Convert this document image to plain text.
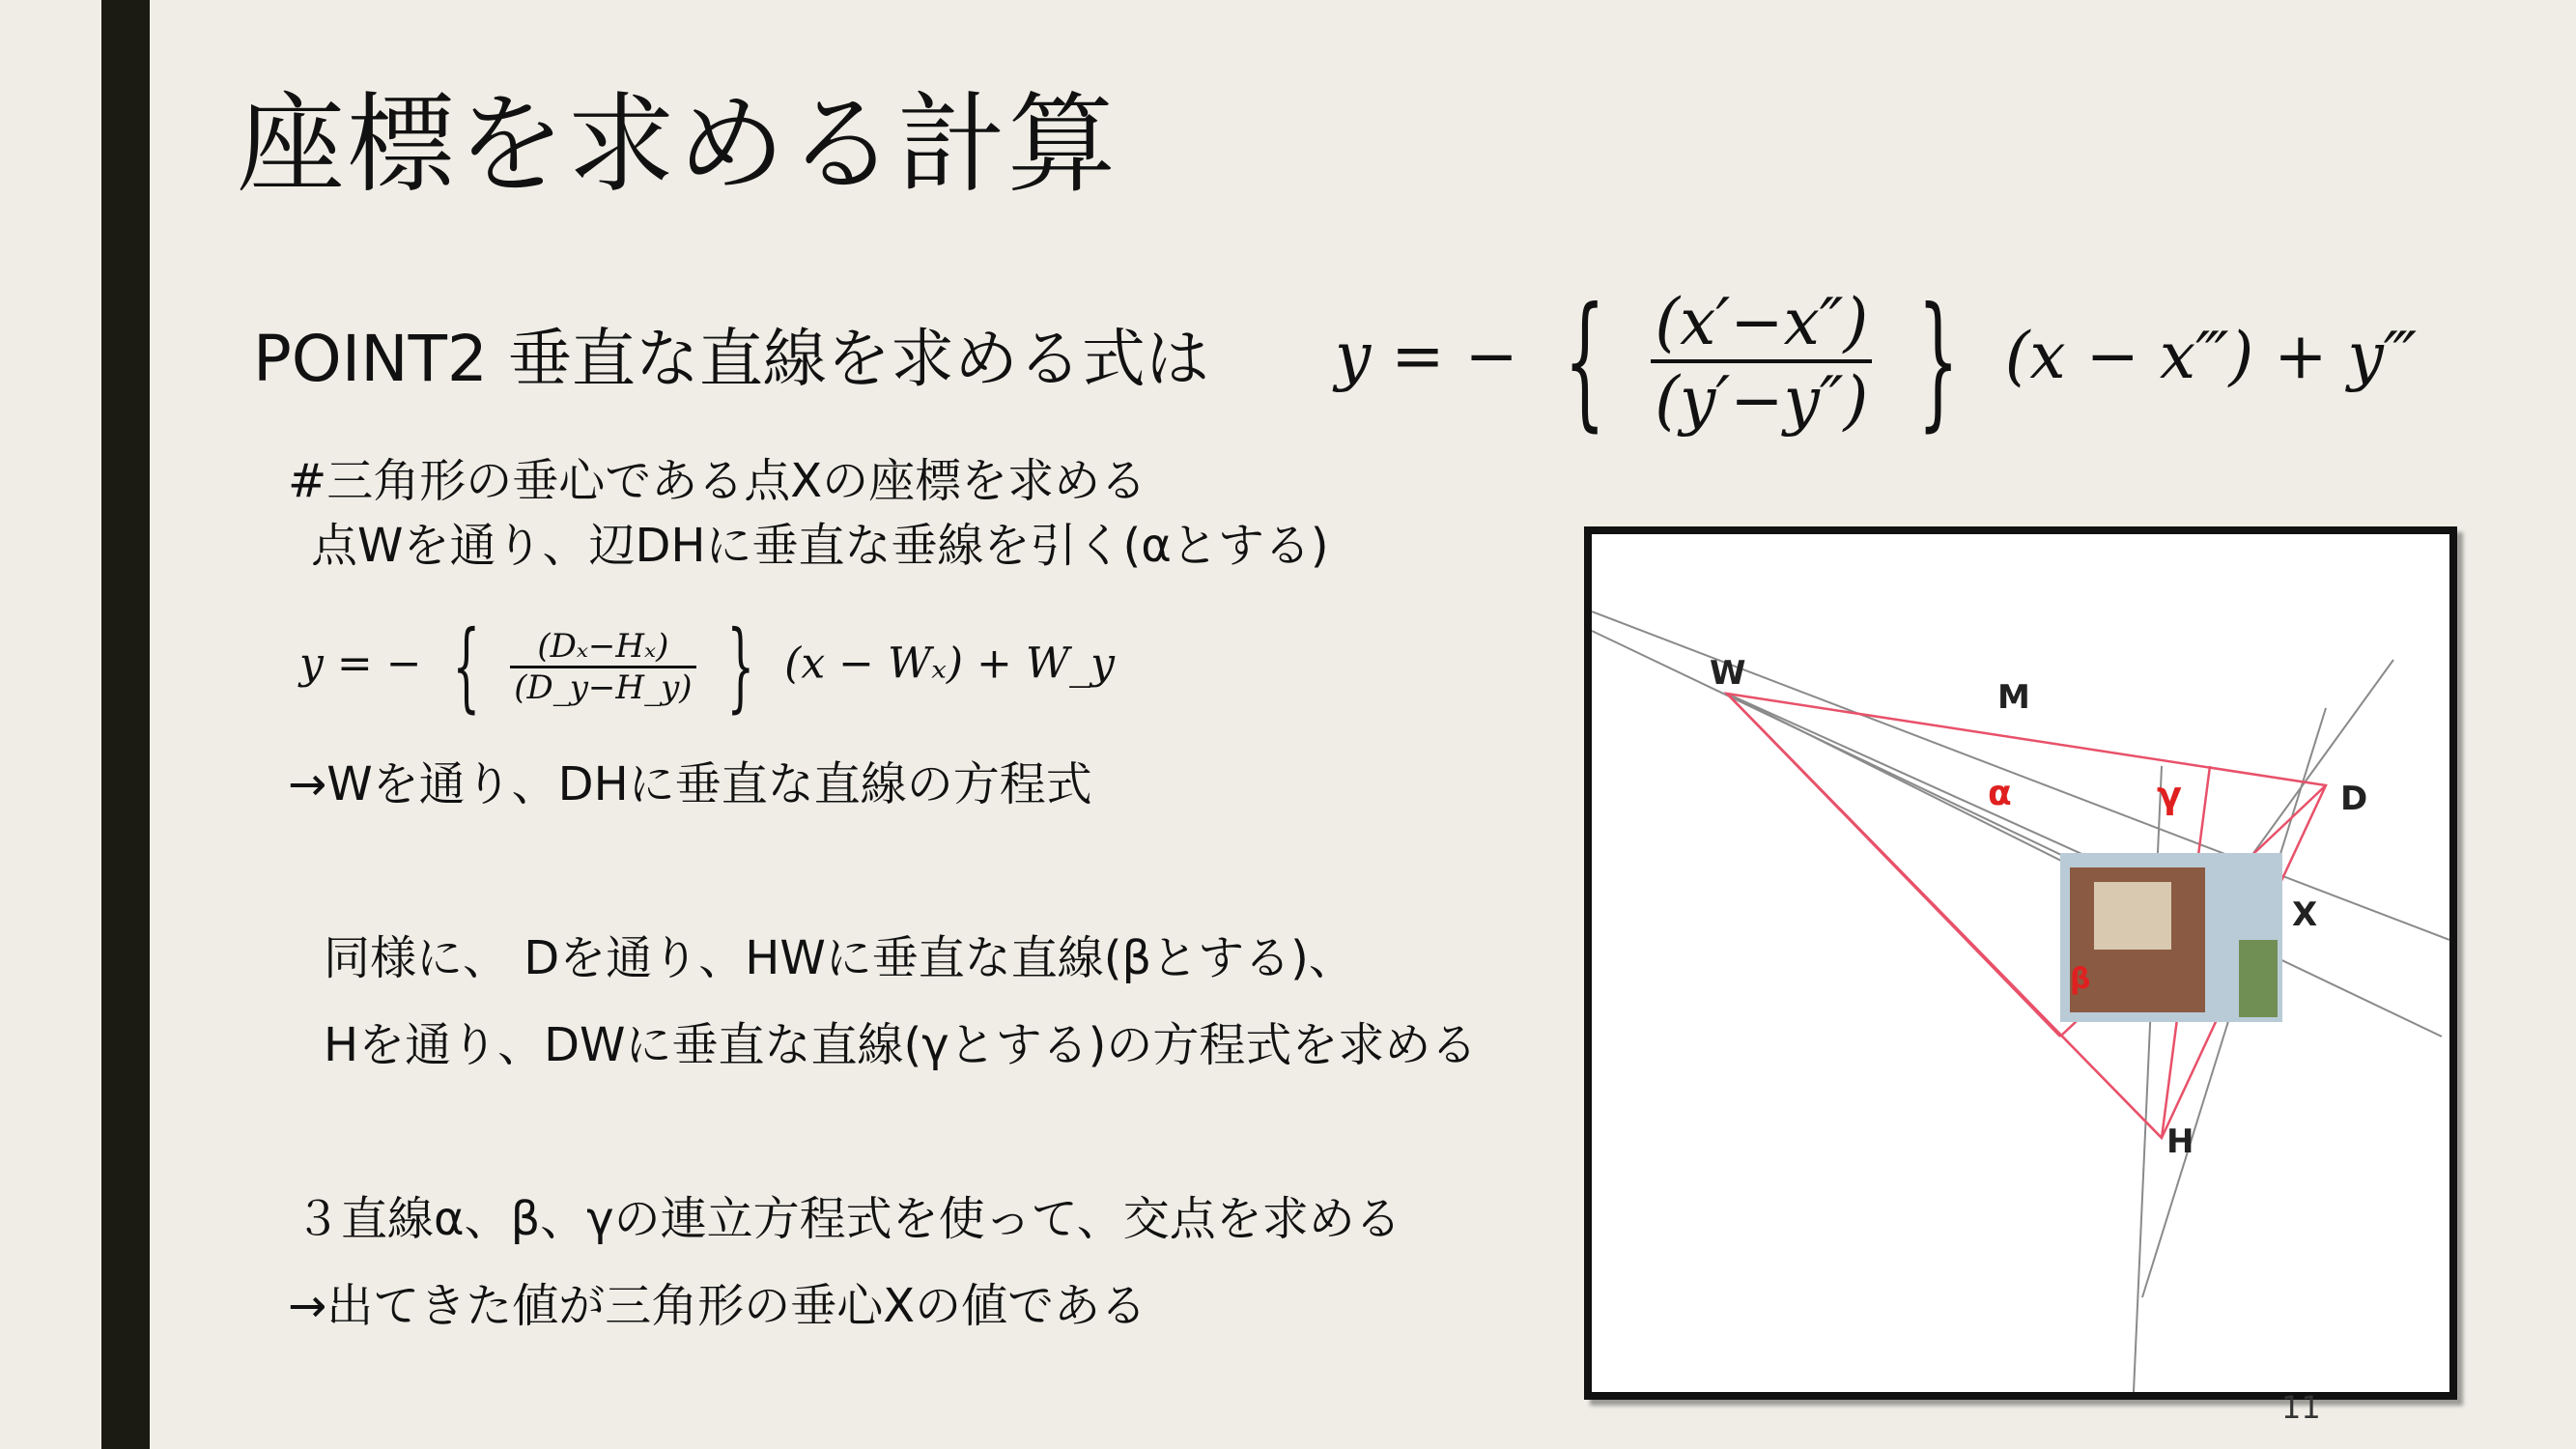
座標を求める計算
POINT2 垂直な直線を求める式は y = − { $\frac{(x'-x'')}{(y'-y'')}$ } (x − x‴) + y‴
#三角形の垂心である点Xの座標を求める
点Wを通り、辺DHに垂直な垂線を引く(αとする)
y = − { $\frac{\text{(Dₓ−Hₓ)}}{(D\_y-H\_y)}$ } (x − Wₓ) + W_y
→Wを通り、DHに垂直な直線の方程式
同様に、 Dを通り、HWに垂直な直線(βとする)、
Hを通り、DWに垂直な直線(γとする)の方程式を求める
３直線α、β、γの連立方程式を使って、交点を求める
→出てきた値が三角形の垂心Xの値である
W
M
D
X
H
α	γ
β
11
